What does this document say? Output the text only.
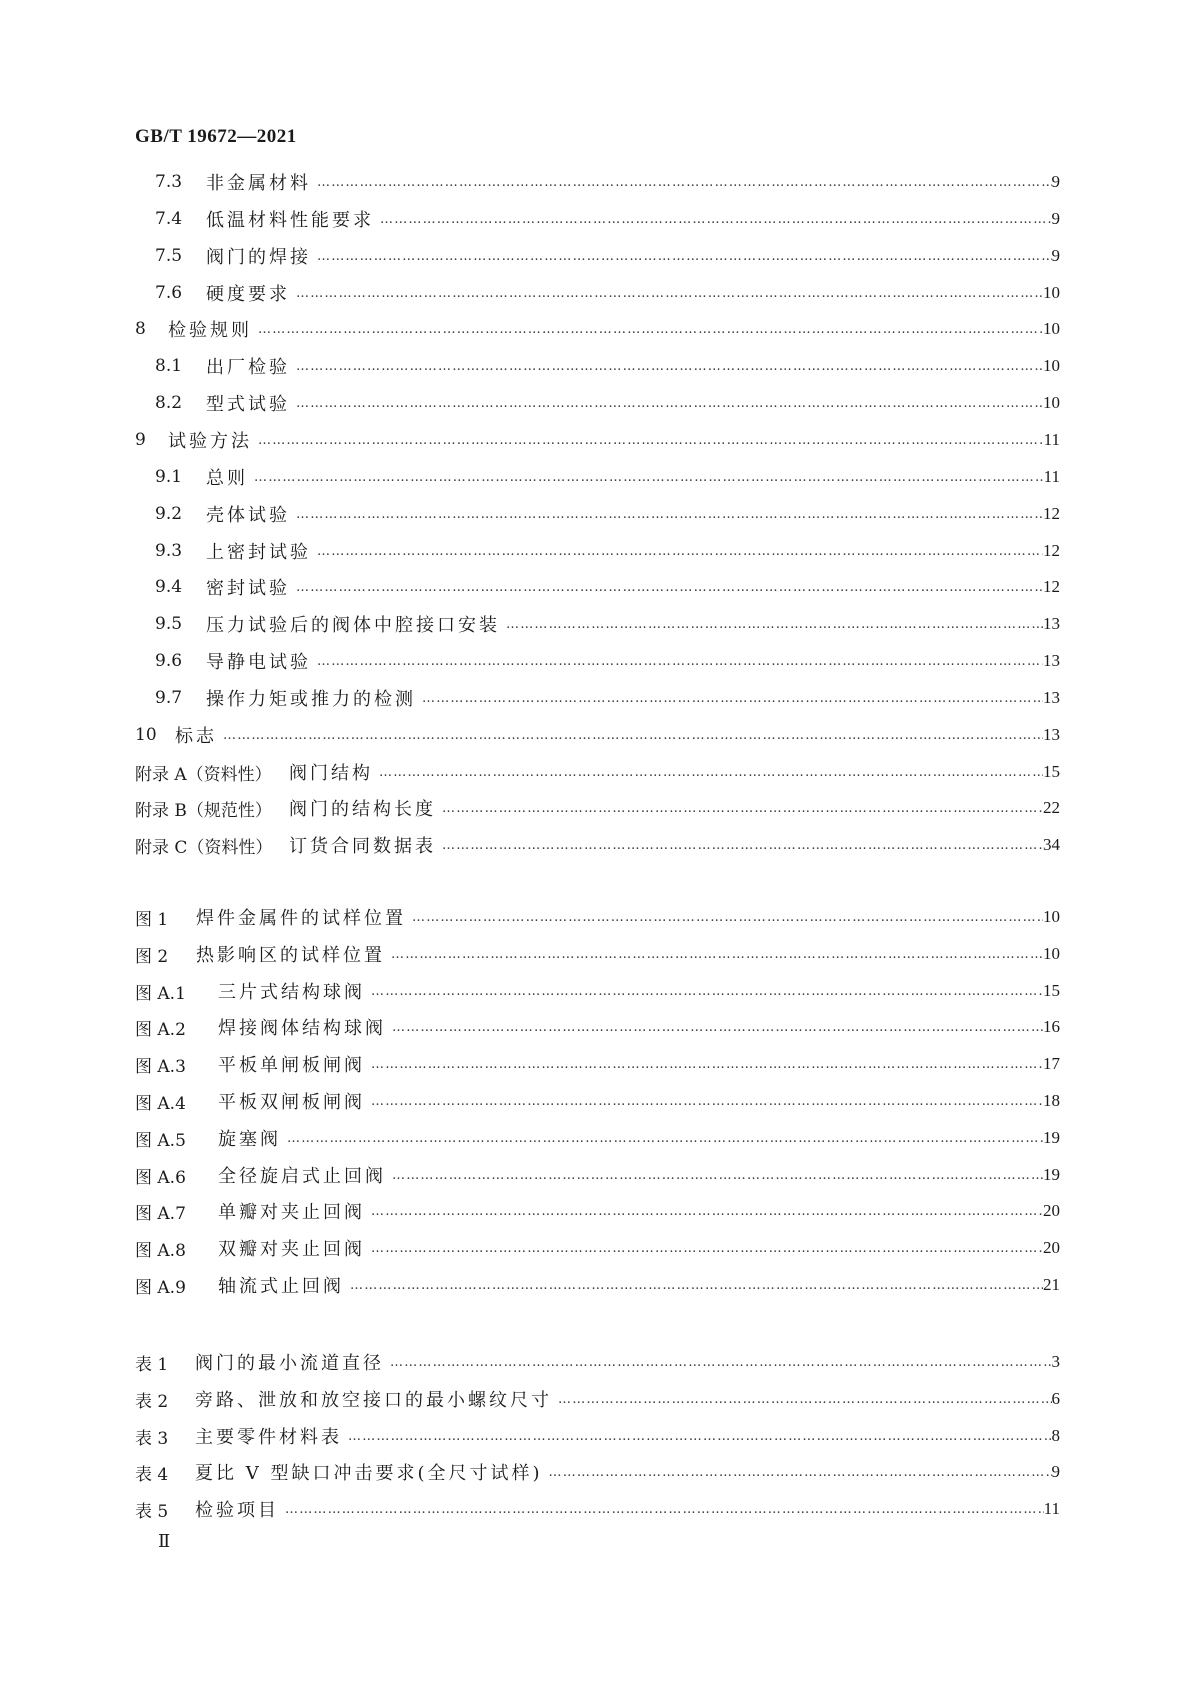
GB/T 19672—2021
7.3	非金属材料 ……………………………………………………………………………………………………………………………………………………………………………………	9
7.4	低温材料性能要求 ……………………………………………………………………………………………………………………………………………………………………………………	9
7.5	阀门的焊接 ……………………………………………………………………………………………………………………………………………………………………………………	9
7.6	硬度要求 ……………………………………………………………………………………………………………………………………………………………………………………	10
8	检验规则 ……………………………………………………………………………………………………………………………………………………………………………………	10
8.1	出厂检验 ……………………………………………………………………………………………………………………………………………………………………………………	10
8.2	型式试验 ……………………………………………………………………………………………………………………………………………………………………………………	10
9	试验方法 ……………………………………………………………………………………………………………………………………………………………………………………	11
9.1	总则 ……………………………………………………………………………………………………………………………………………………………………………………	11
9.2	壳体试验 ……………………………………………………………………………………………………………………………………………………………………………………	12
9.3	上密封试验 ……………………………………………………………………………………………………………………………………………………………………………………	12
9.4	密封试验 ……………………………………………………………………………………………………………………………………………………………………………………	12
9.5	压力试验后的阀体中腔接口安装 ……………………………………………………………………………………………………………………………………………………………………………………	13
9.6	导静电试验 ……………………………………………………………………………………………………………………………………………………………………………………	13
9.7	操作力矩或推力的检测 ……………………………………………………………………………………………………………………………………………………………………………………	13
10	标志 ……………………………………………………………………………………………………………………………………………………………………………………	13
附录 A（资料性） 阀门结构 ……………………………………………………………………………………………………………………………………………………………………………………	15
附录 B（规范性） 阀门的结构长度 ……………………………………………………………………………………………………………………………………………………………………………………	22
附录 C（资料性） 订货合同数据表 ……………………………………………………………………………………………………………………………………………………………………………………	34
图 1	焊件金属件的试样位置 ……………………………………………………………………………………………………………………………………………………………………………………	10
图 2	热影响区的试样位置 ……………………………………………………………………………………………………………………………………………………………………………………	10
图 A.1	三片式结构球阀 ……………………………………………………………………………………………………………………………………………………………………………………	15
图 A.2	焊接阀体结构球阀 ……………………………………………………………………………………………………………………………………………………………………………………	16
图 A.3	平板单闸板闸阀 ……………………………………………………………………………………………………………………………………………………………………………………	17
图 A.4	平板双闸板闸阀 ……………………………………………………………………………………………………………………………………………………………………………………	18
图 A.5	旋塞阀 ……………………………………………………………………………………………………………………………………………………………………………………	19
图 A.6	全径旋启式止回阀 ……………………………………………………………………………………………………………………………………………………………………………………	19
图 A.7	单瓣对夹止回阀 ……………………………………………………………………………………………………………………………………………………………………………………	20
图 A.8	双瓣对夹止回阀 ……………………………………………………………………………………………………………………………………………………………………………………	20
图 A.9	轴流式止回阀 ……………………………………………………………………………………………………………………………………………………………………………………	21
表 1	阀门的最小流道直径 ……………………………………………………………………………………………………………………………………………………………………………………	3
表 2	旁路、泄放和放空接口的最小螺纹尺寸 ……………………………………………………………………………………………………………………………………………………………………………………	6
表 3	主要零件材料表 ……………………………………………………………………………………………………………………………………………………………………………………	8
表 4	夏比 V 型缺口冲击要求(全尺寸试样) ……………………………………………………………………………………………………………………………………………………………………………………	9
表 5	检验项目 ……………………………………………………………………………………………………………………………………………………………………………………	11
Ⅱ
